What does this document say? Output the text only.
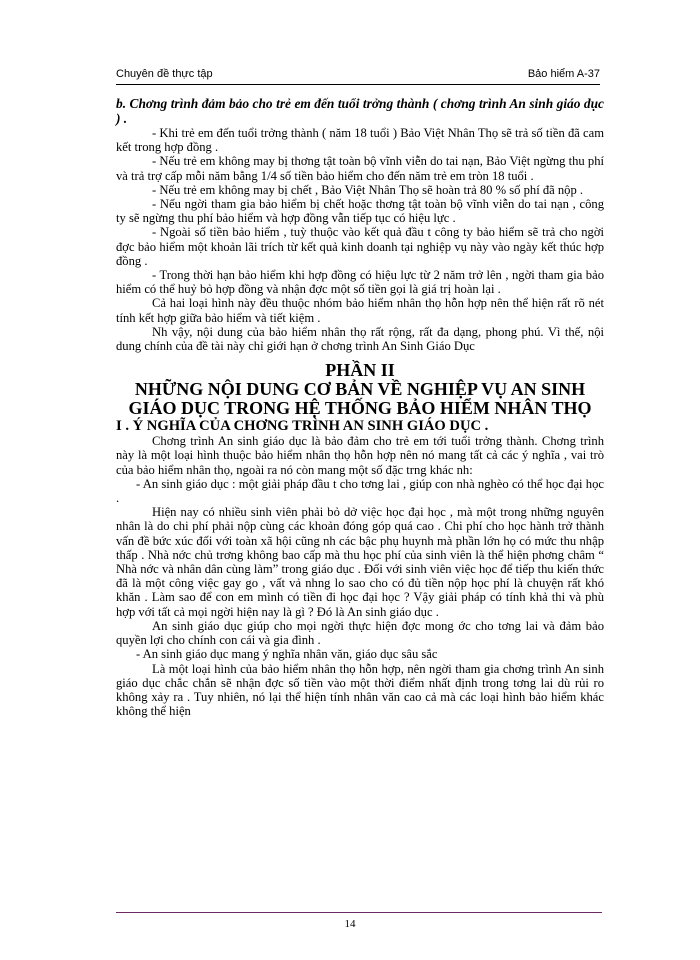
Chuyên đề thực tập	Bảo hiểm A-37

b. Chơng trình đảm bảo cho trẻ em đến tuổi trởng thành ( chơng trình An sinh giáo dục ) .

- Khi trẻ em đến tuổi trởng thành ( năm 18 tuổi ) Bảo Việt Nhân Thọ sẽ trả số tiền đã cam kết trong hợp đồng .

- Nếu trẻ em không may bị thơng tật toàn bộ vĩnh viễn do tai nạn, Bảo Việt ngừng thu phí và trả trợ cấp mỗi năm bằng 1/4 số tiền bảo hiểm cho đến năm trẻ em tròn 18 tuổi .

- Nếu trẻ em không may bị chết , Bảo Việt Nhân Thọ sẽ hoàn trả 80 % số phí đã nộp .

- Nếu ngời tham gia bảo hiểm bị chết hoặc thơng tật toàn bộ vĩnh viễn do tai nạn , công ty sẽ ngừng thu phí bảo hiểm và hợp đồng vẫn tiếp tục có hiệu lực .

- Ngoài số tiền bảo hiểm , tuỳ thuộc vào kết quả đầu t công ty bảo hiểm sẽ trả cho ngời đợc bảo hiểm một khoản lãi trích từ kết quả kinh doanh tại nghiệp vụ này vào ngày kết thúc hợp đồng .

- Trong thời hạn bảo hiểm khi hợp đồng có hiệu lực từ 2 năm trở lên , ngời tham gia bảo hiểm có thể huỷ bỏ hợp đồng và nhận đợc một số tiền gọi là giá trị hoàn lại .

Cả hai loại hình này đều thuộc nhóm bảo hiểm nhân thọ hỗn hợp nên thể hiện rất rõ nét tính kết hợp giữa bảo hiểm và tiết kiệm .

Nh vậy, nội dung của bảo hiểm nhân thọ rất rộng, rất đa dạng, phong phú. Vì thế, nội dung chính của đề tài này chỉ giới hạn ở chơng trình An Sinh Giáo Dục

PHẦN II

NHỮNG NỘI DUNG CƠ BẢN VỀ NGHIỆP VỤ AN SINH GIÁO DỤC TRONG HỆ THỐNG BẢO HIỂM NHÂN THỌ

I . Ý NGHĨA CỦA CHƠNG TRÌNH AN SINH GIÁO DỤC .

Chơng trình An sinh giáo dục là bảo đảm cho trẻ em tới tuổi trởng thành. Chơng trình này là một loại hình thuộc bảo hiểm nhân thọ hỗn hợp nên nó mang tất cả các ý nghĩa , vai trò của bảo hiểm nhân thọ, ngoài ra nó còn mang một số đặc trng khác nh:

- An sinh giáo dục : một giải pháp đầu t cho tơng lai , giúp con nhà nghèo có thể học đại học .

Hiện nay có nhiều sinh viên phải bỏ dở việc học đại học , mà một trong những nguyên nhân là do chi phí phải nộp cùng các khoản đóng góp quá cao . Chi phí cho học hành trở thành vấn đề bức xúc đối với toàn xã hội cũng nh các bậc phụ huynh mà phần lớn họ có mức thu nhập thấp . Nhà nớc chủ trơng không bao cấp mà thu học phí của sinh viên là thể hiện phơng châm “ Nhà nớc và nhân dân cùng làm” trong giáo dục . Đối với sinh viên việc học để tiếp thu kiến thức đã là một công việc gay go , vất vả nhng lo sao cho có đủ tiền nộp học phí là chuyện rất khó khăn . Làm sao để con em mình có tiền đi học đại học ? Vậy giải pháp có tính khả thi và phù hợp với tất cả mọi ngời hiện nay là gì ? Đó là An sinh giáo dục .

An sinh giáo dục giúp cho mọi ngời thực hiện đợc mong ớc cho tơng lai và đảm bảo quyền lợi cho chính con cái và gia đình .

- An sinh giáo dục mang ý nghĩa nhân văn, giáo dục sâu sắc

Là một loại hình của bảo hiểm nhân thọ hỗn hợp, nên ngời tham gia chơng trình An sinh giáo dục chắc chắn sẽ nhận đợc số tiền vào một thời điểm nhất định trong tơng lai dù rủi ro không xảy ra . Tuy nhiên, nó lại thể hiện tính nhân văn cao cả mà các loại hình bảo hiểm khác không thể hiện

14
